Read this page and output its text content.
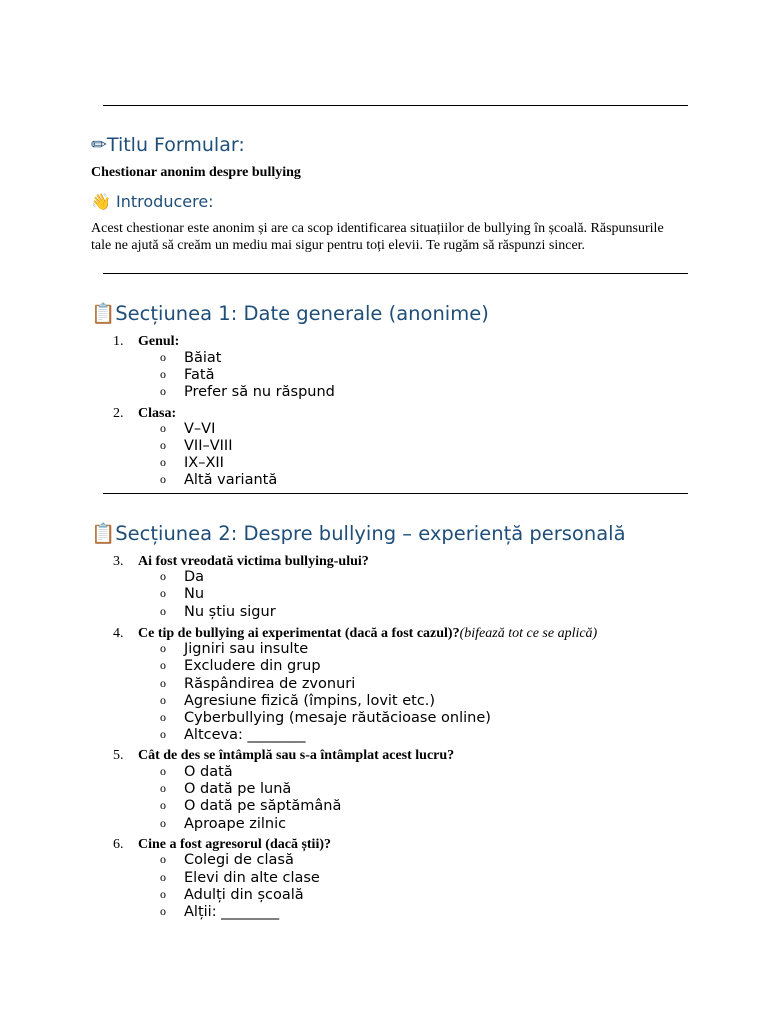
✏Titlu Formular:
Chestionar anonim despre bullying
👋 Introducere:

Acest chestionar este anonim și are ca scop identificarea situațiilor de bullying în școală. Răspunsurile tale ne ajută să creăm un mediu mai sigur pentru toți elevii. Te rugăm să răspunzi sincer.

📋Secțiunea 1: Date generale (anonime)
1. Genul:
o Băiat
o Fată
o Prefer să nu răspund
2. Clasa:
o V–VI
o VII–VIII
o IX–XII
o Altă variantă
📋Secțiunea 2: Despre bullying – experiență personală
3. Ai fost vreodată victima bullying-ului?
o Da
o Nu
o Nu știu sigur
4. Ce tip de bullying ai experimentat (dacă a fost cazul)?(bifează tot ce se aplică)
o Jigniri sau insulte
o Excludere din grup
o Răspândirea de zvonuri
o Agresiune fizică (împins, lovit etc.)
o Cyberbullying (mesaje răutăcioase online)
o Altceva: ________
5. Cât de des se întâmplă sau s-a întâmplat acest lucru?
o O dată
o O dată pe lună
o O dată pe săptămână
o Aproape zilnic
6. Cine a fost agresorul (dacă știi)?
o Colegi de clasă
o Elevi din alte clase
o Adulți din școală
o Alții: ________
